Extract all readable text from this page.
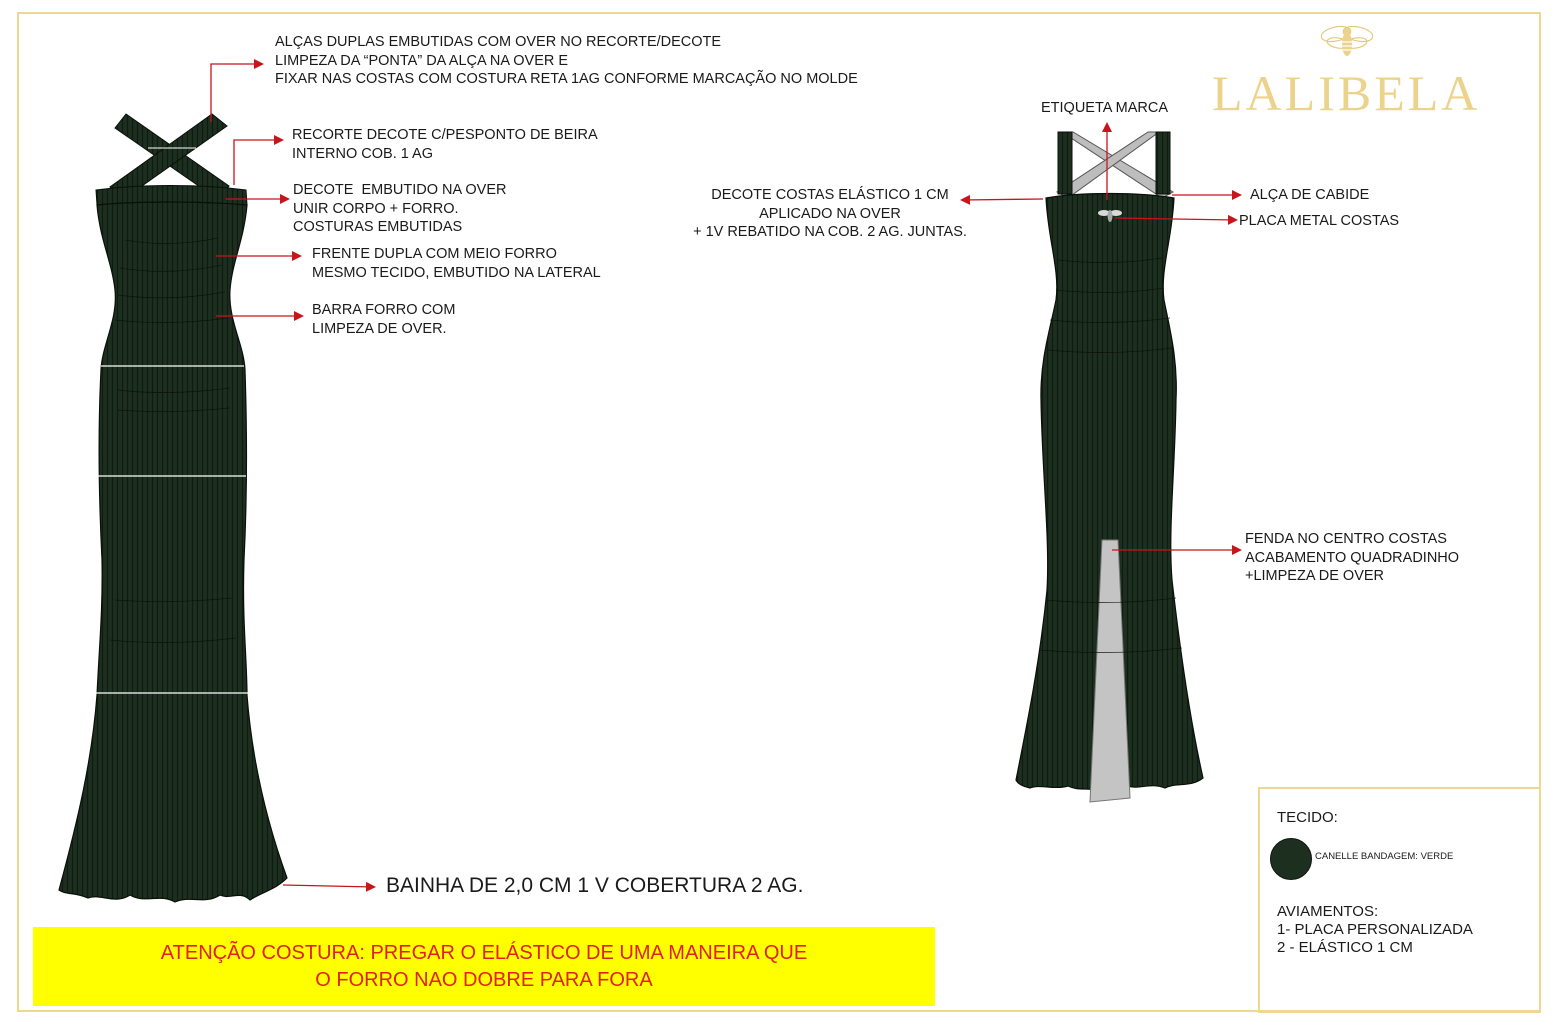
LALIBELA
ALÇAS DUPLAS EMBUTIDAS COM OVER NO RECORTE/DECOTE
LIMPEZA DA “PONTA” DA ALÇA NA OVER E
FIXAR NAS COSTAS COM COSTURA RETA 1AG CONFORME MARCAÇÃO NO MOLDE
RECORTE DECOTE C/PESPONTO DE BEIRA
INTERNO COB. 1 AG
DECOTE  EMBUTIDO NA OVER
UNIR CORPO + FORRO.
COSTURAS EMBUTIDAS
FRENTE DUPLA COM MEIO FORRO
MESMO TECIDO, EMBUTIDO NA LATERAL
BARRA FORRO COM
LIMPEZA DE OVER.
BAINHA DE 2,0 CM 1 V COBERTURA 2 AG.
ETIQUETA MARCA
DECOTE COSTAS ELÁSTICO 1 CM
APLICADO NA OVER
+ 1V REBATIDO NA COB. 2 AG. JUNTAS.
ALÇA DE CABIDE
PLACA METAL COSTAS
FENDA NO CENTRO COSTAS
ACABAMENTO QUADRADINHO
+LIMPEZA DE OVER
ATENÇÃO COSTURA: PREGAR O ELÁSTICO DE UMA MANEIRA QUE
O FORRO NAO DOBRE PARA FORA
TECIDO:
CANELLE BANDAGEM: VERDE
AVIAMENTOS:
1- PLACA PERSONALIZADA
2 - ELÁSTICO 1 CM
